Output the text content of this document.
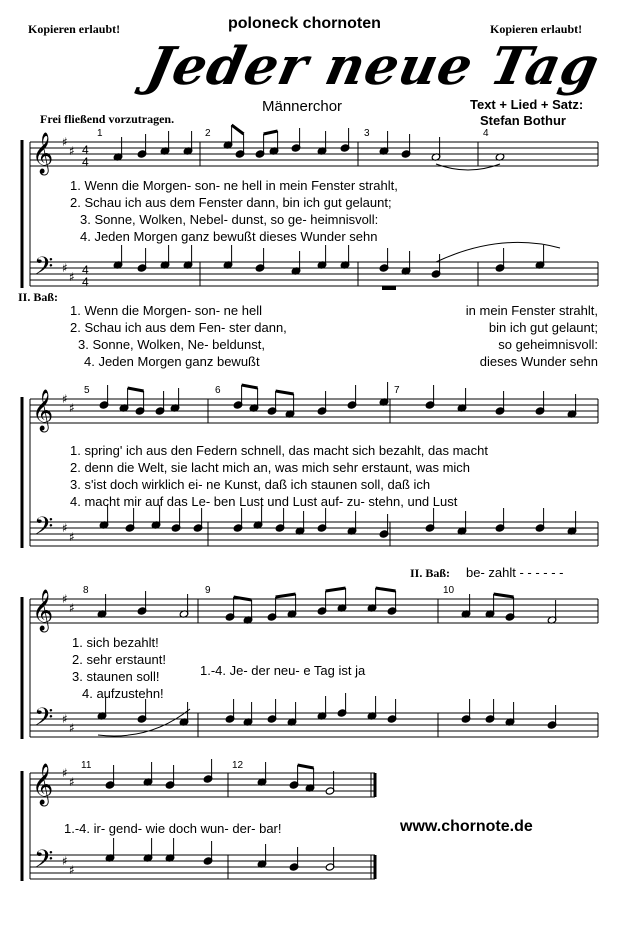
Kopieren erlaubt!	poloneck chornoten	Kopieren erlaubt!
Jeder neue Tag
Männerchor	Text + Lied + Satz:
Stefan Bothur
Frei fließend vorzutragen.
𝄞
𝄢
♯
♯
♯
♯
4
4
4
4
𝄞
𝄢
♯
♯
♯
♯
𝄞
𝄢
♯
♯
♯
♯
𝄞
𝄢
♯
♯
♯
♯
1	2	3	4
5	6	7
8	9	10
11	12
1. Wenn die Morgen- son- ne hell in mein Fenster strahlt,
2. Schau ich aus dem Fenster dann, bin ich gut gelaunt;
3. Sonne, Wolken, Nebel- dunst, so ge- heimnisvoll:
4. Jeden Morgen ganz bewußt dieses Wunder sehn
II. Baß:
1. Wenn die Morgen- son- ne hell
2. Schau ich aus dem Fen- ster dann,
3. Sonne, Wolken, Ne- beldunst,
4. Jeden Morgen ganz bewußt
in mein Fenster strahlt,
bin ich gut gelaunt;
so geheimnisvoll:
dieses Wunder sehn
1. spring' ich aus den Federn schnell, das macht sich bezahlt, das macht
2. denn die Welt, sie lacht mich an, was mich sehr erstaunt, was mich
3. s'ist doch wirklich ei- ne Kunst, daß ich staunen soll, daß ich
4. macht mir auf das Le- ben Lust und Lust auf- zu- stehn, und Lust
II. Baß: be- zahlt - - - - - -
1. sich bezahlt!
2. sehr erstaunt!
3. staunen soll!
4. aufzustehn!
1.-4. Je- der neu- e Tag ist ja
1.-4. ir- gend- wie doch wun- der- bar!	www.chornote.de
